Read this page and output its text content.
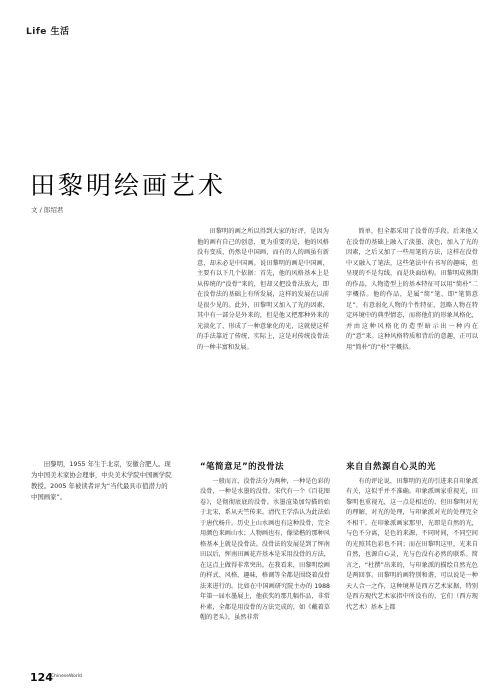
Life 生活
田黎明绘画艺术
文 / 郎绍君

田黎明的画之所以得到大家的好评，是因为他的画有自己的创意，更为重要的是，他的风格没有变质，仍然是中国画，而有的人的画虽有新意，却未必是中国画。说田黎明的画是中国画，主要有以下几个依据：首先，他的风格基本上是从传统的“没骨”来的，但却又把没骨法放大，即在没骨法的基础上有所发展，这样的发展在以前是很少见的。此外，田黎明又加入了光的因素，其中有一部分是外来的，但是他又把那种外来的光淡化了，形成了一种意象化的光，这就使这样的手法靠近了传统，实际上，这是对传统没骨法的一种丰富和发展。

简单，但全都采用了没骨的手段。后来他又在没骨的基础上融入了淡墨、淡色，加入了光的因素，之后又加了一些用笔的方法，这样在没骨中又融入了笔法，这些笔法中有书写的趣味，但呈现的不是勾线，而是块面结构。田黎明成熟期的作品，人物造型上的基本特征可以用“简朴”二字概括。他的作品，是属“简”笔，即“笔简意足”，有意弱化人物的个性特征，忽略人物在特定环境中的典型情态，而将他们的形象风格化，并由这种风格化的造型暗示出一种内在的“意”来。这种风格特质和背后的意趣，正可以用“简朴”的“朴”字概括。

田黎明，1955 年生于北京，安徽合肥人。现为中国美术家协会理事，中央美术学院中国画学院教授。2005 年被读者评为“当代最具市值潜力的中国画家”。

“笔简意足”的没骨法

一般而言，没骨法分为两种，一种是色彩的没骨，一种是水墨的没骨。宋代有一个《百花图卷》，是彻彻底底的没骨。水墨渲染加勾描的始于北宋，系从天竺传来。清代王学浩认为此法始于唐代杨升。历史上山水画也有这种没骨，完全用颜色来画山水；人物画也有，像梁楷的那种风格基本上就是没骨法。没骨法的发展是到了恽南田以后，恽南田画花卉基本是采用没骨的方法，在这点上做得非常突出。在我看来，田黎明绘画的样式、风格、趣味，格调等全都是围绕着没骨法来进行的。比如在中国画研究院主办的 1988 年第一届水墨展上，他获奖的那几幅作品，非常朴素，全都是用没骨的方法完成的，如《戴着草帽的老头》，虽然非常

来自自然源自心灵的光

有的评论说，田黎明的光的引进来自印象派有关，这似乎并不准确。印象派画家重视光，田黎明也重视光，这一点是相近的，但田黎明对光的理解、对光的处理，与印象派对光的处理完全不相干。在印象派画家那里，光即是自然的光，与色不分离，是色的来源，不同时间，不同空间的光照其色彩也不同；而在田黎明这里，光来自自然，也源自心灵，光与色没有必然的联系。简言之，“杜撰”出来的，与印象派的描绘自然光色是两回事。田黎明的画特别和谐，可以说是一种天人合一之作，这种境界是西方艺术家据，特别是西方现代艺术家指中所没有的，它们（西方现代艺术）基本上都

124
ChineseWorld
